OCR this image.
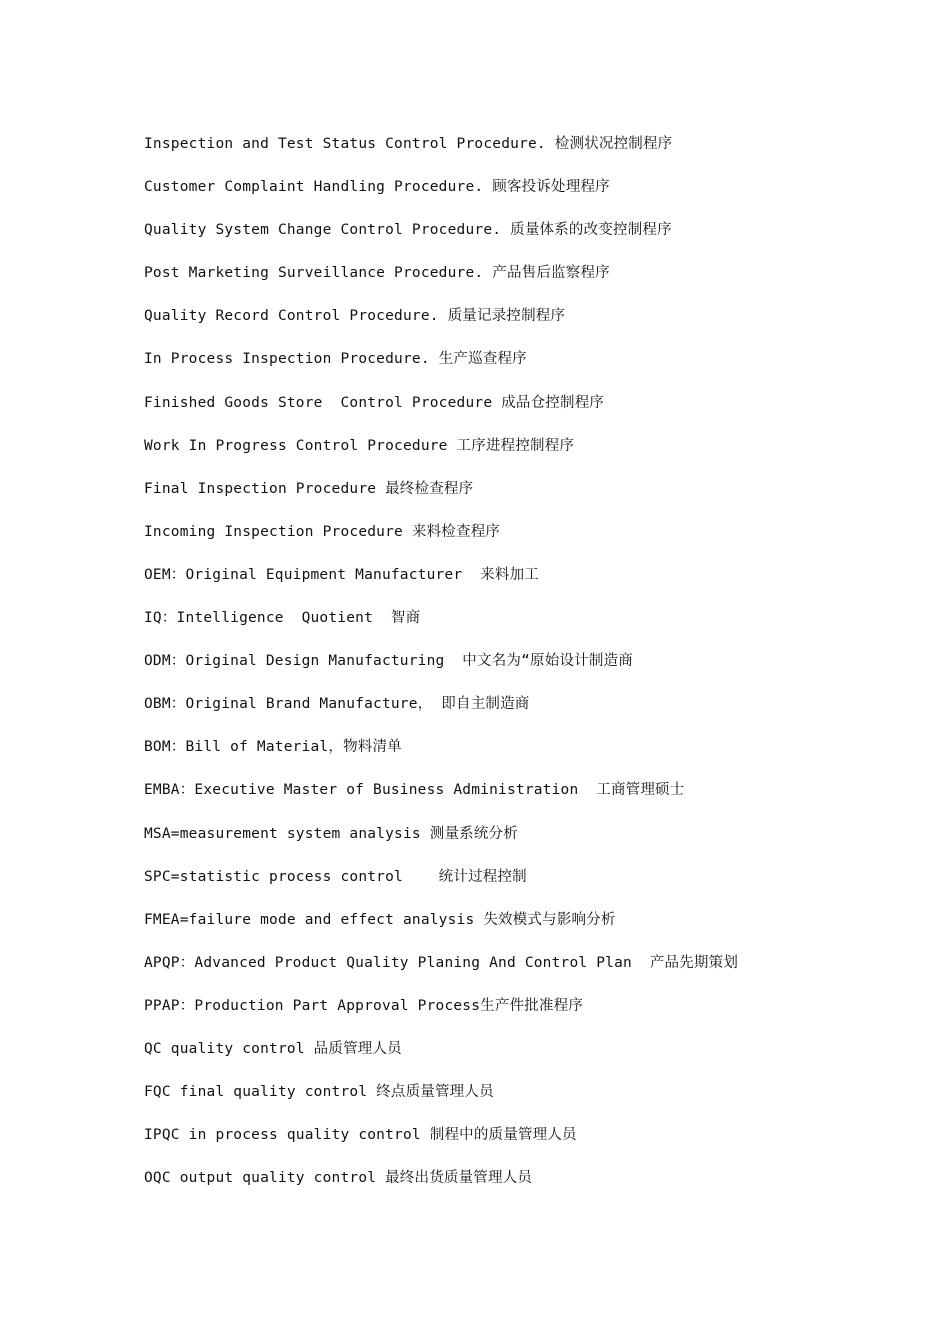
Inspection and Test Status Control Procedure. 检测状况控制程序
Customer Complaint Handling Procedure. 顾客投诉处理程序
Quality System Change Control Procedure. 质量体系的改变控制程序
Post Marketing Surveillance Procedure. 产品售后监察程序
Quality Record Control Procedure. 质量记录控制程序
In Process Inspection Procedure. 生产巡查程序
Finished Goods Store  Control Procedure 成品仓控制程序
Work In Progress Control Procedure 工序进程控制程序
Final Inspection Procedure 最终检查程序
Incoming Inspection Procedure 来料检查程序
OEM：Original Equipment Manufacturer  来料加工
IQ：Intelligence  Quotient  智商
ODM：Original Design Manufacturing  中文名为“原始设计制造商
OBM：Original Brand Manufacture， 即自主制造商
BOM：Bill of Material，物料清单
EMBA：Executive Master of Business Administration  工商管理硕士
MSA=measurement system analysis 测量系统分析
SPC=statistic process control    统计过程控制
FMEA=failure mode and effect analysis 失效模式与影响分析
APQP：Advanced Product Quality Planing And Control Plan  产品先期策划
PPAP：Production Part Approval Process生产件批准程序
QC quality control 品质管理人员
FQC final quality control 终点质量管理人员
IPQC in process quality control 制程中的质量管理人员
OQC output quality control 最终出货质量管理人员
